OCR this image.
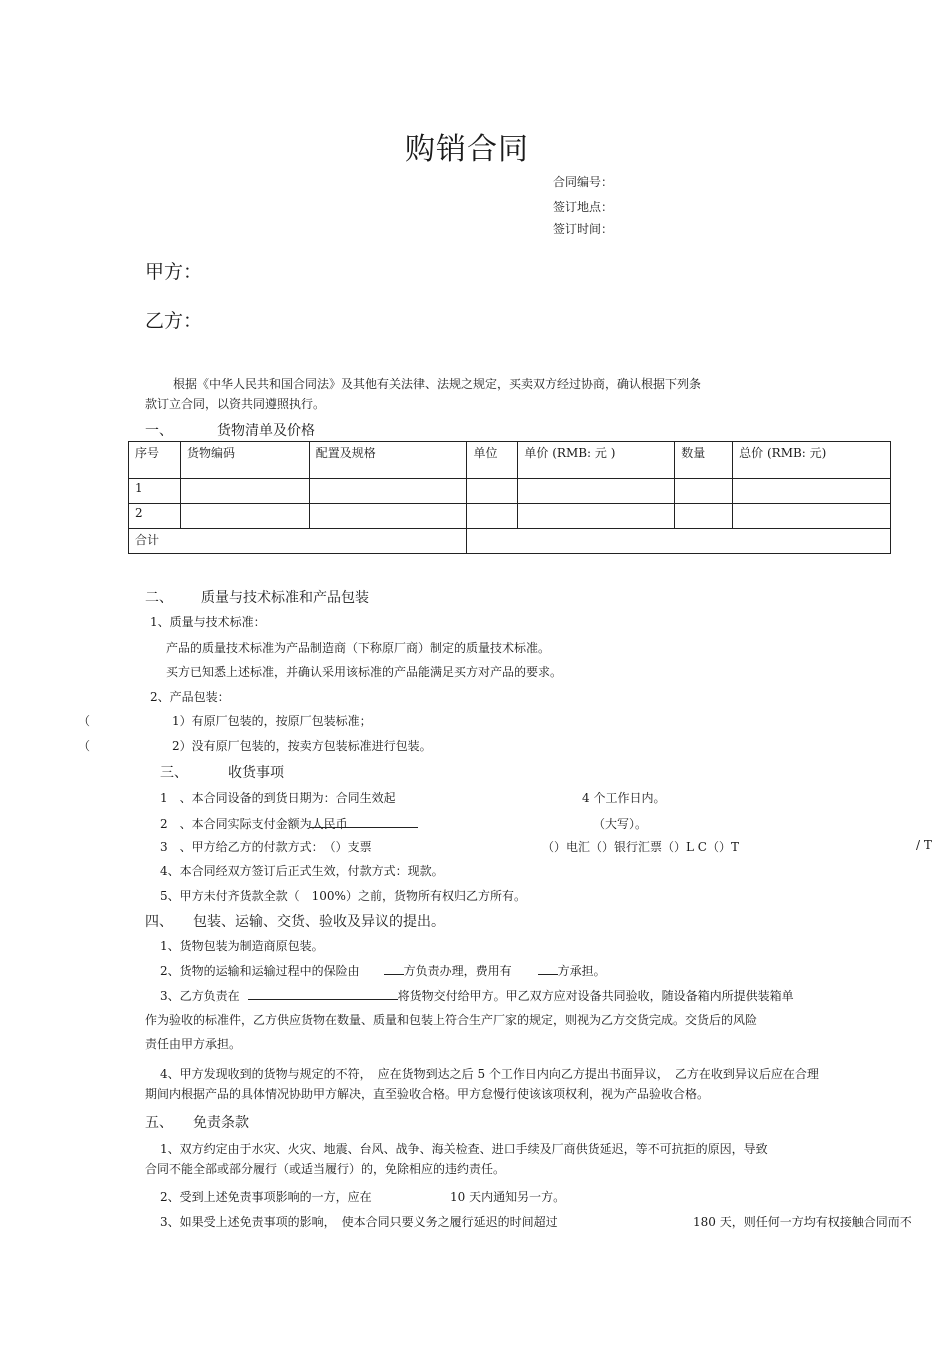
购销合同
合同编号：
签订地点：
签订时间：
甲方：
乙方：
根据《中华人民共和国合同法》及其他有关法律、法规之规定，买卖双方经过协商，确认根据下列条
款订立合同，以资共同遵照执行。
一、	货物清单及价格
序号	货物编码	配置及规格	单位	单价 (RMB: 元 )	数量	总价 (RMB: 元)
1						
2						
合计						
二、 质量与技术标准和产品包装
1、质量与技术标准：
产品的质量技术标准为产品制造商（下称原厂商）制定的质量技术标准。
买方已知悉上述标准，并确认采用该标准的产品能满足买方对产品的要求。
2、产品包装：
（	1）有原厂包装的，按原厂包装标准；
（	2）没有原厂包装的，按卖方包装标准进行包装。
三、	收货事项
1　、本合同设备的到货日期为：合同生效起	4 个工作日内。
2　、本合同实际支付金额为人民币	（大写）。
3　、甲方给乙方的付款方式：　（）支票	（）电汇（）银行汇票（）L C（）T	/ T
4、本合同经双方签订后正式生效，付款方式：现款。
5、甲方未付齐货款全款（　100%）之前，货物所有权归乙方所有。
四、 包装、运输、交货、验收及异议的提出。
1、货物包装为制造商原包装。
2、货物的运输和运输过程中的保险由	方负责办理，费用有	方承担。
3、乙方负责在	将货物交付给甲方。甲乙双方应对设备共同验收，随设备箱内所提供装箱单
作为验收的标准件，乙方供应货物在数量、质量和包装上符合生产厂家的规定，则视为乙方交货完成。交货后的风险
责任由甲方承担。
4、甲方发现收到的货物与规定的不符，　应在货物到达之后 5 个工作日内向乙方提出书面异议，　乙方在收到异议后应在合理
期间内根据产品的具体情况协助甲方解决，直至验收合格。甲方怠慢行使该该项权利，视为产品验收合格。
五、 免责条款
1、双方约定由于水灾、火灾、地震、台风、战争、海关检查、进口手续及厂商供货延迟，等不可抗拒的原因，导致
合同不能全部或部分履行（或适当履行）的，免除相应的违约责任。
2、受到上述免责事项影响的一方，应在	10 天内通知另一方。
3、如果受上述免责事项的影响，　使本合同只要义务之履行延迟的时间超过	180 天，则任何一方均有权接触合同而不
